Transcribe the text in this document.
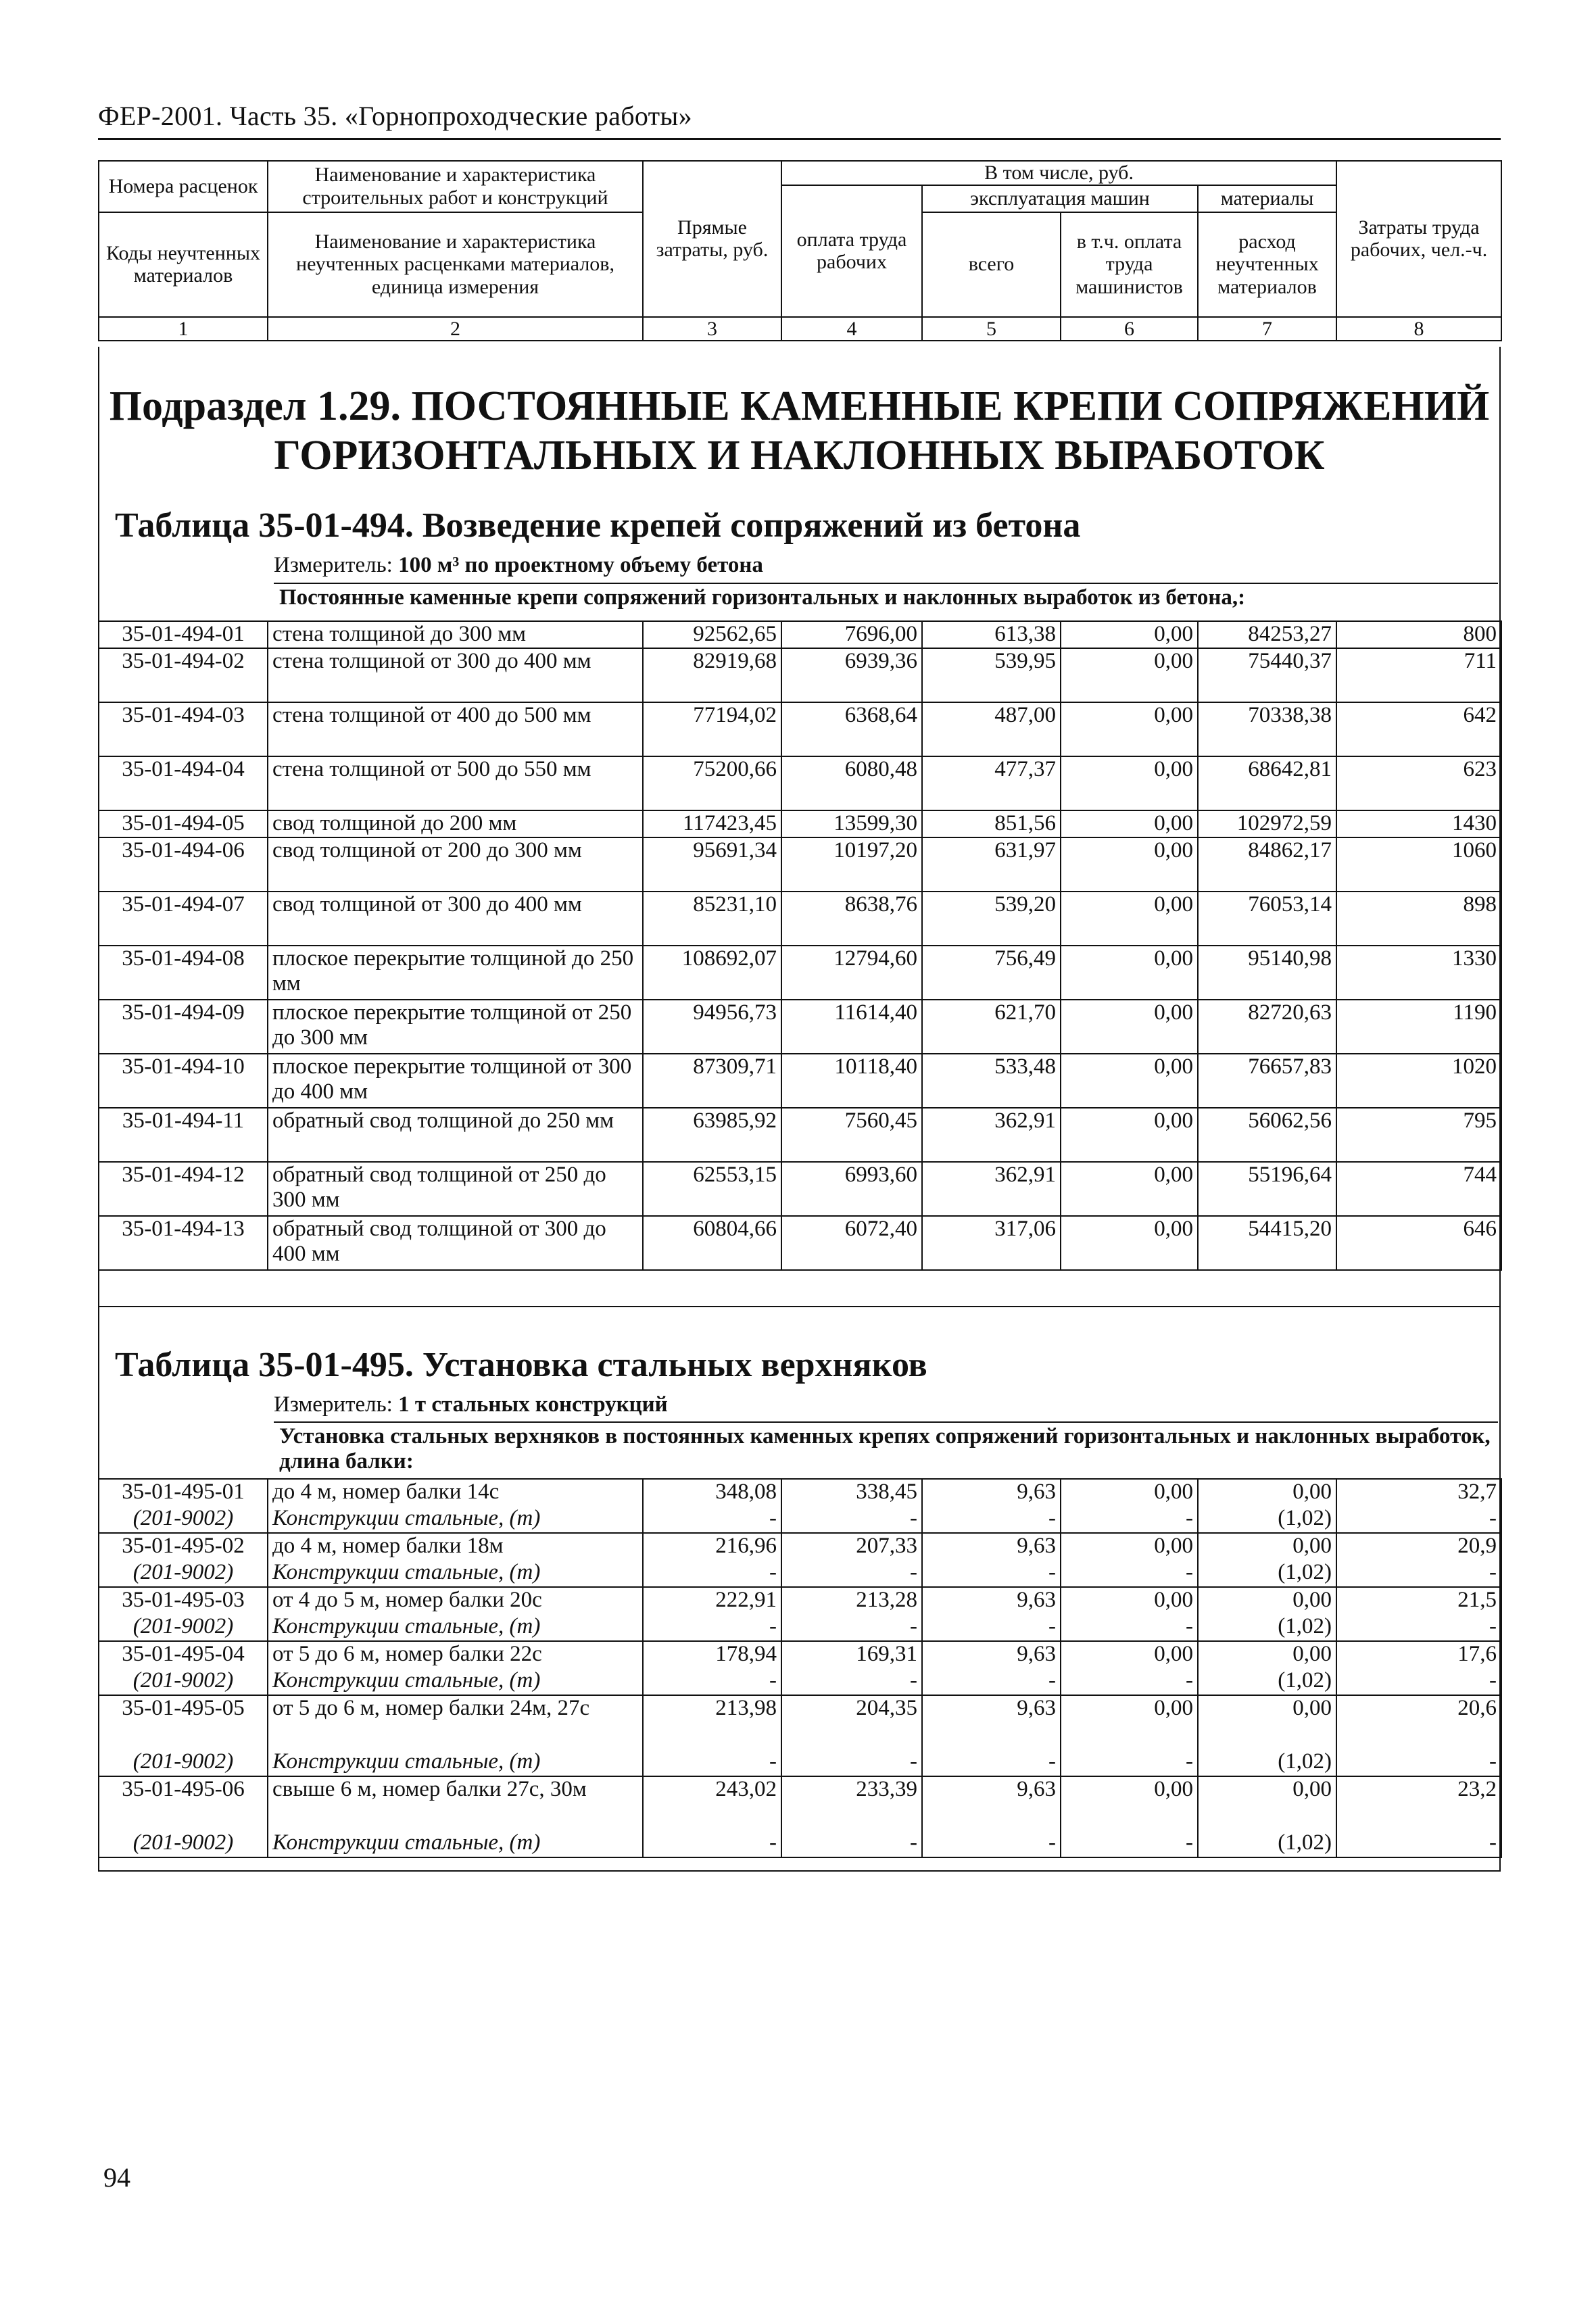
ФЕР-2001. Часть 35. «Горнопроходческие работы»
Номера расценок	Наименование и характеристика строительных работ и конструкций	Прямые затраты, руб.	В том числе, руб.				Затраты труда рабочих, чел.-ч.
			оплата труда рабочих	эксплуатация машин		материалы	
Коды неучтенных материалов	Наименование и характеристика неучтенных расценками материалов, единица измерения			всего	в т.ч. оплата труда машинистов	расход неучтенных материалов	

1	2	3	4	5	6	7	8
Подраздел 1.29. ПОСТОЯННЫЕ КАМЕННЫЕ КРЕПИ СОПРЯЖЕНИЙ
ГОРИЗОНТАЛЬНЫХ И НАКЛОННЫХ ВЫРАБОТОК
Таблица 35-01-494. Возведение крепей сопряжений из бетона
Измеритель: 100 м³ по проектному объему бетона
Постоянные каменные крепи сопряжений горизонтальных и наклонных выработок из бетона,:
35-01-494-01	стена толщиной до 300 мм	92562,65	7696,00	613,38	0,00	84253,27	800
35-01-494-02	стена толщиной от 300 до 400 мм	82919,68	6939,36	539,95	0,00	75440,37	711
35-01-494-03	стена толщиной от 400 до 500 мм	77194,02	6368,64	487,00	0,00	70338,38	642
35-01-494-04	стена толщиной от 500 до 550 мм	75200,66	6080,48	477,37	0,00	68642,81	623
35-01-494-05	свод толщиной до 200 мм	117423,45	13599,30	851,56	0,00	102972,59	1430
35-01-494-06	свод толщиной от 200 до 300 мм	95691,34	10197,20	631,97	0,00	84862,17	1060
35-01-494-07	свод толщиной от 300 до 400 мм	85231,10	8638,76	539,20	0,00	76053,14	898
35-01-494-08	плоское перекрытие толщиной до 250 мм	108692,07	12794,60	756,49	0,00	95140,98	1330
35-01-494-09	плоское перекрытие толщиной от 250 до 300 мм	94956,73	11614,40	621,70	0,00	82720,63	1190
35-01-494-10	плоское перекрытие толщиной от 300 до 400 мм	87309,71	10118,40	533,48	0,00	76657,83	1020
35-01-494-11	обратный свод толщиной до 250 мм	63985,92	7560,45	362,91	0,00	56062,56	795
35-01-494-12	обратный свод толщиной от 250 до 300 мм	62553,15	6993,60	362,91	0,00	55196,64	744
35-01-494-13	обратный свод толщиной от 300 до 400 мм	60804,66	6072,40	317,06	0,00	54415,20	646
Таблица 35-01-495. Установка стальных верхняков
Измеритель: 1 т стальных конструкций
Установка стальных верхняков в постоянных каменных крепях сопряжений горизонтальных и наклонных выработок, длина балки:
35-01-495-01	до 4 м, номер балки 14с	348,08	338,45	9,63	0,00	0,00	32,7
(201-9002)	Конструкции стальные, (т)	-	-	-	-	(1,02)	-
35-01-495-02	до 4 м, номер балки 18м	216,96	207,33	9,63	0,00	0,00	20,9
(201-9002)	Конструкции стальные, (т)	-	-	-	-	(1,02)	-
35-01-495-03	от 4 до 5 м, номер балки 20с	222,91	213,28	9,63	0,00	0,00	21,5
(201-9002)	Конструкции стальные, (т)	-	-	-	-	(1,02)	-
35-01-495-04	от 5 до 6 м, номер балки 22с	178,94	169,31	9,63	0,00	0,00	17,6
(201-9002)	Конструкции стальные, (т)	-	-	-	-	(1,02)	-
35-01-495-05	от 5 до 6 м, номер балки 24м, 27с	213,98	204,35	9,63	0,00	0,00	20,6
(201-9002)	Конструкции стальные, (т)	-	-	-	-	(1,02)	-
35-01-495-06	свыше 6 м, номер балки 27с, 30м	243,02	233,39	9,63	0,00	0,00	23,2
(201-9002)	Конструкции стальные, (т)	-	-	-	-	(1,02)	-
94
